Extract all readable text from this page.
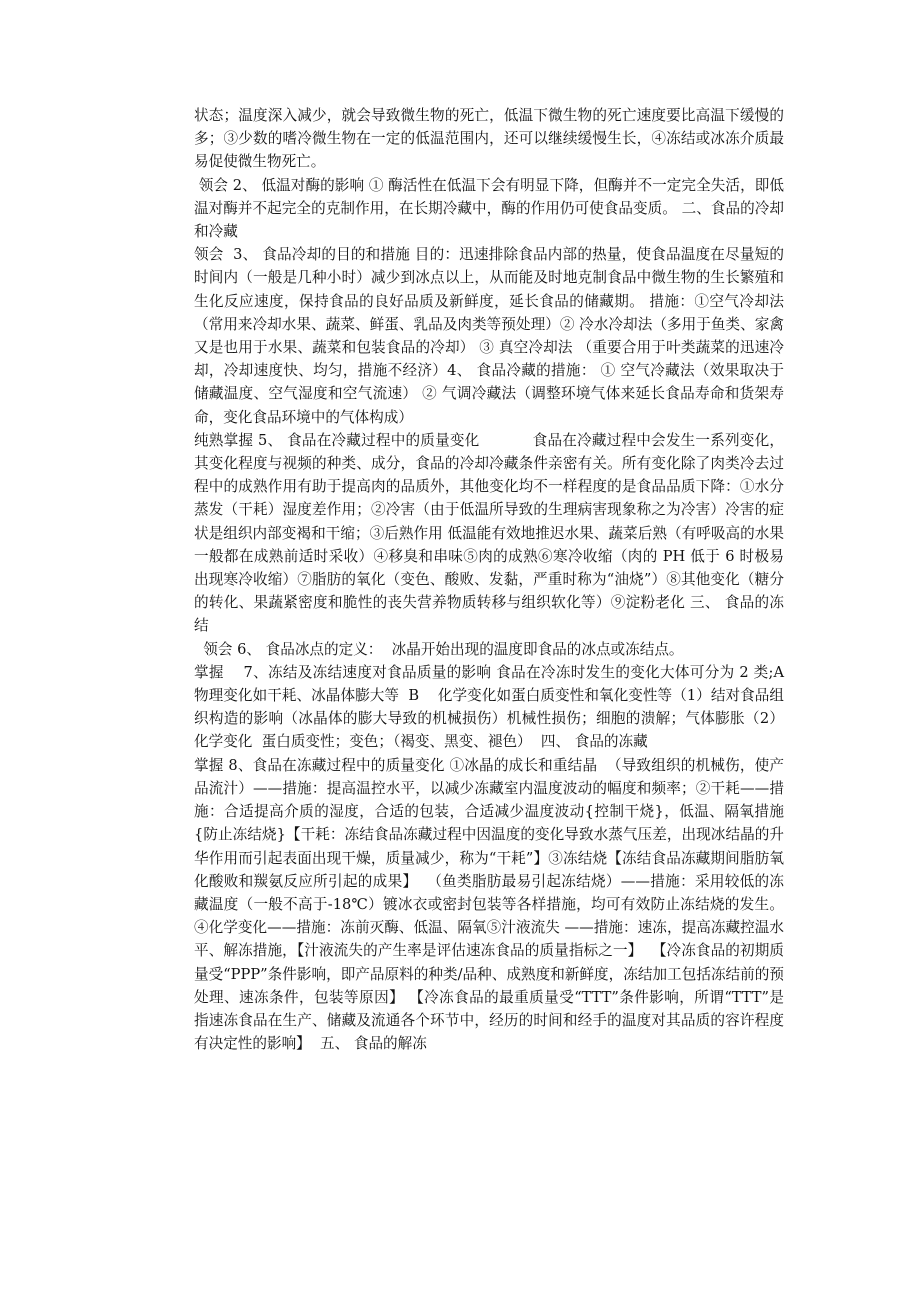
状态；温度深入减少，就会导致微生物的死亡，低温下微生物的死亡速度要比高温下缓慢的多；③少数的嗜冷微生物在一定的低温范围内，还可以继续缓慢生长，④冻结或冰冻介质最易促使微生物死亡。

领会 2、 低温对酶的影响 ① 酶活性在低温下会有明显下降，但酶并不一定完全失活，即低温对酶并不起完全的克制作用，在长期冷藏中，酶的作用仍可使食品变质。 二、食品的冷却和冷藏

领会  3、 食品冷却的目的和措施 目的：迅速排除食品内部的热量，使食品温度在尽量短的时间内（一般是几种小时）减少到冰点以上，从而能及时地克制食品中微生物的生长繁殖和生化反应速度，保持食品的良好品质及新鲜度，延长食品的储藏期。 措施：①空气冷却法（常用来冷却水果、蔬菜、鲜蛋、乳品及肉类等预处理）② 冷水冷却法（多用于鱼类、家禽又是也用于水果、蔬菜和包装食品的冷却） ③ 真空冷却法 （重要合用于叶类蔬菜的迅速冷却，冷却速度快、均匀，措施不经济）4、 食品冷藏的措施： ① 空气冷藏法（效果取决于储藏温度、空气湿度和空气流速） ② 气调冷藏法（调整环境气体来延长食品寿命和货架寿命，变化食品环境中的气体构成）

纯熟掌握 5、 食品在冷藏过程中的质量变化           食品在冷藏过程中会发生一系列变化，其变化程度与视频的种类、成分，食品的冷却冷藏条件亲密有关。所有变化除了肉类冷去过程中的成熟作用有助于提高肉的品质外，其他变化均不一样程度的是食品品质下降：①水分蒸发（干耗）湿度差作用；②冷害（由于低温所导致的生理病害现象称之为冷害）冷害的症状是组织内部变褐和干缩；③后熟作用 低温能有效地推迟水果、蔬菜后熟（有呼吸高的水果一般都在成熟前适时采收）④移臭和串味⑤肉的成熟⑥寒冷收缩（肉的 PH 低于 6 时极易出现寒冷收缩）⑦脂肪的氧化（变色、酸败、发黏，严重时称为“油烧”）⑧其他变化（糖分的转化、果蔬紧密度和脆性的丧失营养物质转移与组织软化等）⑨淀粉老化 三、 食品的冻结

领会 6、 食品冰点的定义：  冰晶开始出现的温度即食品的冰点或冻结点。

掌握    7、冻结及冻结速度对食品质量的影响 食品在冷冻时发生的变化大体可分为 2 类;A    物理变化如干耗、冰晶体膨大等  B    化学变化如蛋白质变性和氧化变性等（1）结对食品组织构造的影响（冰晶体的膨大导致的机械损伤）机械性损伤；细胞的溃解；气体膨胀（2）化学变化  蛋白质变性；变色；（褐变、黑变、褪色）  四、 食品的冻藏

掌握 8、食品在冻藏过程中的质量变化 ①冰晶的成长和重结晶  （导致组织的机械伤，使产品流汁）——措施：提高温控水平，以减少冻藏室内温度波动的幅度和频率；②干耗——措施：合适提高介质的湿度，合适的包装，合适减少温度波动{控制干烧}，低温、隔氧措施{防止冻结烧}【干耗：冻结食品冻藏过程中因温度的变化导致水蒸气压差，出现冰结晶的升华作用而引起表面出现干燥，质量减少，称为“干耗”】③冻结烧【冻结食品冻藏期间脂肪氧化酸败和羰氨反应所引起的成果】  （鱼类脂肪最易引起冻结烧）——措施：采用较低的冻藏温度（一般不高于-18℃）镀冰衣或密封包装等各样措施，均可有效防止冻结烧的发生。④化学变化——措施：冻前灭酶、低温、隔氧⑤汁液流失 ——措施：速冻，提高冻藏控温水平、解冻措施，【汁液流失的产生率是评估速冻食品的质量指标之一】  【冷冻食品的初期质量受“PPP”条件影响，即产品原料的种类/品种、成熟度和新鲜度，冻结加工包括冻结前的预处理、速冻条件，包装等原因】 【冷冻食品的最重质量受“TTT”条件影响，所谓“TTT”是指速冻食品在生产、储藏及流通各个环节中，经历的时间和经手的温度对其品质的容许程度有决定性的影响】  五、 食品的解冻
